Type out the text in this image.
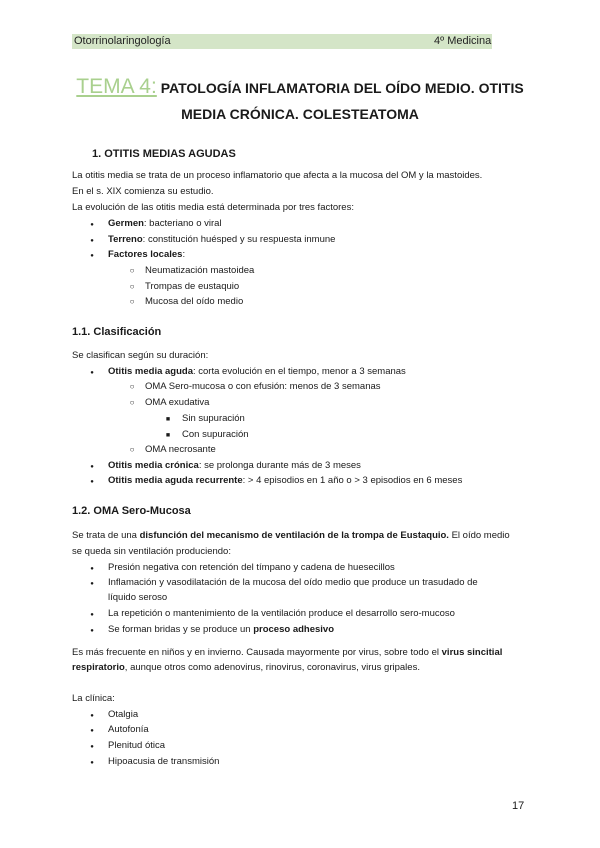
Otorrinolaringología	4º Medicina
TEMA 4: PATOLOGÍA INFLAMATORIA DEL OÍDO MEDIO. OTITIS
MEDIA CRÓNICA. COLESTEATOMA
1. OTITIS MEDIAS AGUDAS
La otitis media se trata de un proceso inflamatorio que afecta a la mucosa del OM y la mastoides.
En el s. XIX comienza su estudio.
La evolución de las otitis media está determinada por tres factores:
●
Germen: bacteriano o viral
●
Terreno: constitución huésped y su respuesta inmune
●
Factores locales:
○
Neumatización mastoidea
○
Trompas de eustaquio
○
Mucosa del oído medio
1.1. Clasificación
Se clasifican según su duración:
●
Otitis media aguda: corta evolución en el tiempo, menor a 3 semanas
○
OMA Sero-mucosa o con efusión: menos de 3 semanas
○
OMA exudativa
■
Sin supuración
■
Con supuración
○
OMA necrosante
●
Otitis media crónica: se prolonga durante más de 3 meses
●
Otitis media aguda recurrente: > 4 episodios en 1 año o > 3 episodios en 6 meses
1.2. OMA Sero-Mucosa
Se trata de una disfunción del mecanismo de ventilación de la trompa de Eustaquio. El oído medio
se queda sin ventilación produciendo:
●
Presión negativa con retención del tímpano y cadena de huesecillos
●
Inflamación y vasodilatación de la mucosa del oído medio que produce un trasudado de
líquido seroso
●
La repetición o mantenimiento de la ventilación produce el desarrollo sero-mucoso
●
Se forman bridas y se produce un proceso adhesivo
Es más frecuente en niños y en invierno. Causada mayormente por virus, sobre todo el virus sincitial
respiratorio, aunque otros como adenovirus, rinovirus, coronavirus, virus gripales.
La clínica:
●
Otalgia
●
Autofonía
●
Plenitud ótica
●
Hipoacusia de transmisión
17
